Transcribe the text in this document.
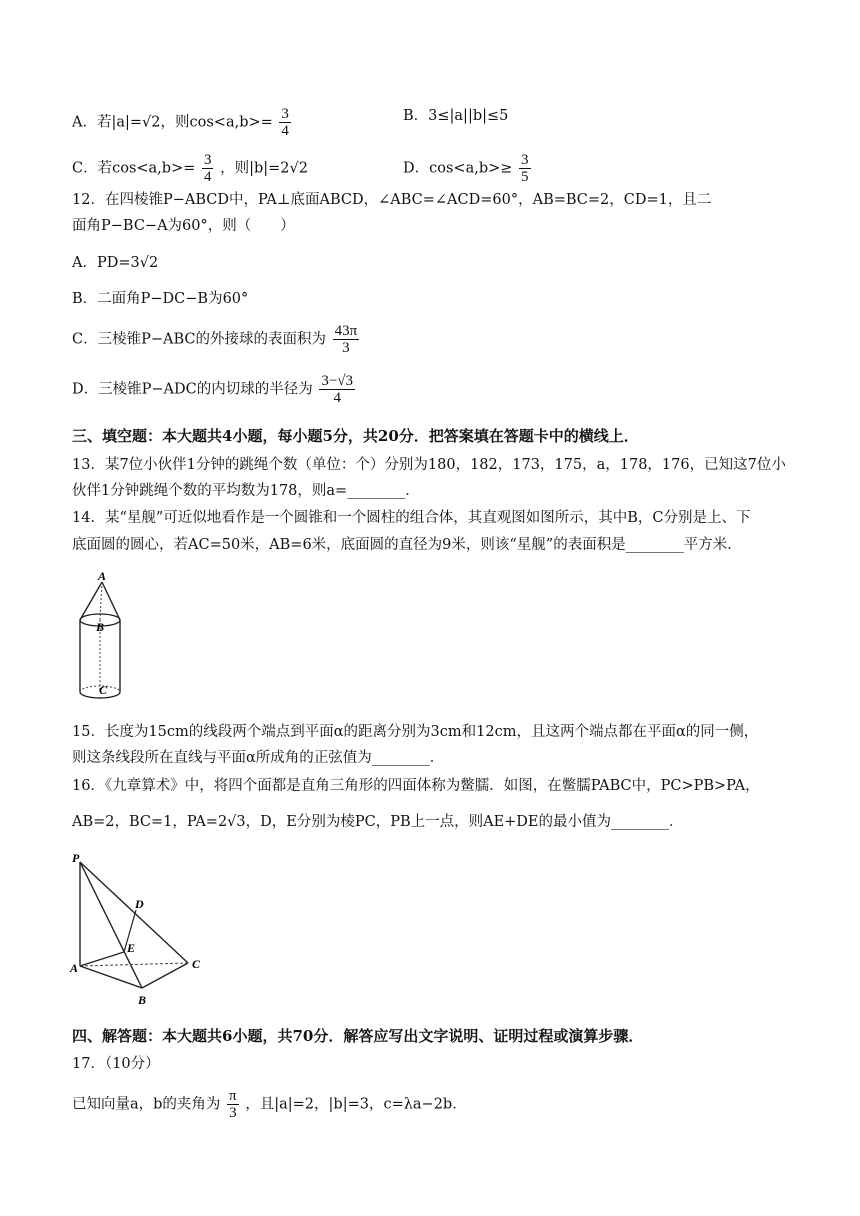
A．若|a|=√2，则$\cos<a,b>= \frac{3}{4}$	B．3≤|a||b|≤5
C．若$\cos<a,b>= \frac{3}{4}$ ，则|b|=2√2	D．$\cos<a,b>\ge \frac{3}{5}$
12．在四棱锥P−ABCD中，PA⊥底面ABCD，∠ABC=∠ACD=60°，AB=BC=2，CD=1，且二
面角P−BC−A为60°，则（　　）
A．PD=3√2
B．二面角P−DC−B为60°
C．三棱锥P−ABC的外接球的表面积为 $\frac{43\pi}{3}$
D．三棱锥P−ADC的内切球的半径为 $\frac{3-√3}{4}$
三、填空题：本大题共4小题，每小题5分，共20分．把答案填在答题卡中的横线上．
13．某7位小伙伴1分钟的跳绳个数（单位：个）分别为180，182，173，175，a，178，176，已知这7位小
伙伴1分钟跳绳个数的平均数为178，则a=________．
14．某“星舰”可近似地看作是一个圆锥和一个圆柱的组合体，其直观图如图所示，其中B，C分别是上、下
底面圆的圆心，若AC=50米，AB=6米，底面圆的直径为9米，则该“星舰”的表面积是________平方米．
A
B
C
15．长度为15cm的线段两个端点到平面α的距离分别为3cm和12cm，且这两个端点都在平面α的同一侧，
则这条线段所在直线与平面α所成角的正弦值为________．
16．《九章算术》中，将四个面都是直角三角形的四面体称为鳖臑．如图，在鳖臑PABC中，PC>PB>PA，
AB=2，BC=1，PA=2√3，D，E分别为棱PC，PB上一点，则AE+DE的最小值为________．
P
D
E
A	C
B
四、解答题：本大题共6小题，共70分．解答应写出文字说明、证明过程或演算步骤．
17．（10分）
已知向量a，b的夹角为 $\frac{\pi}{3}$ ，且|a|=2，|b|=3，c=λa−2b．
